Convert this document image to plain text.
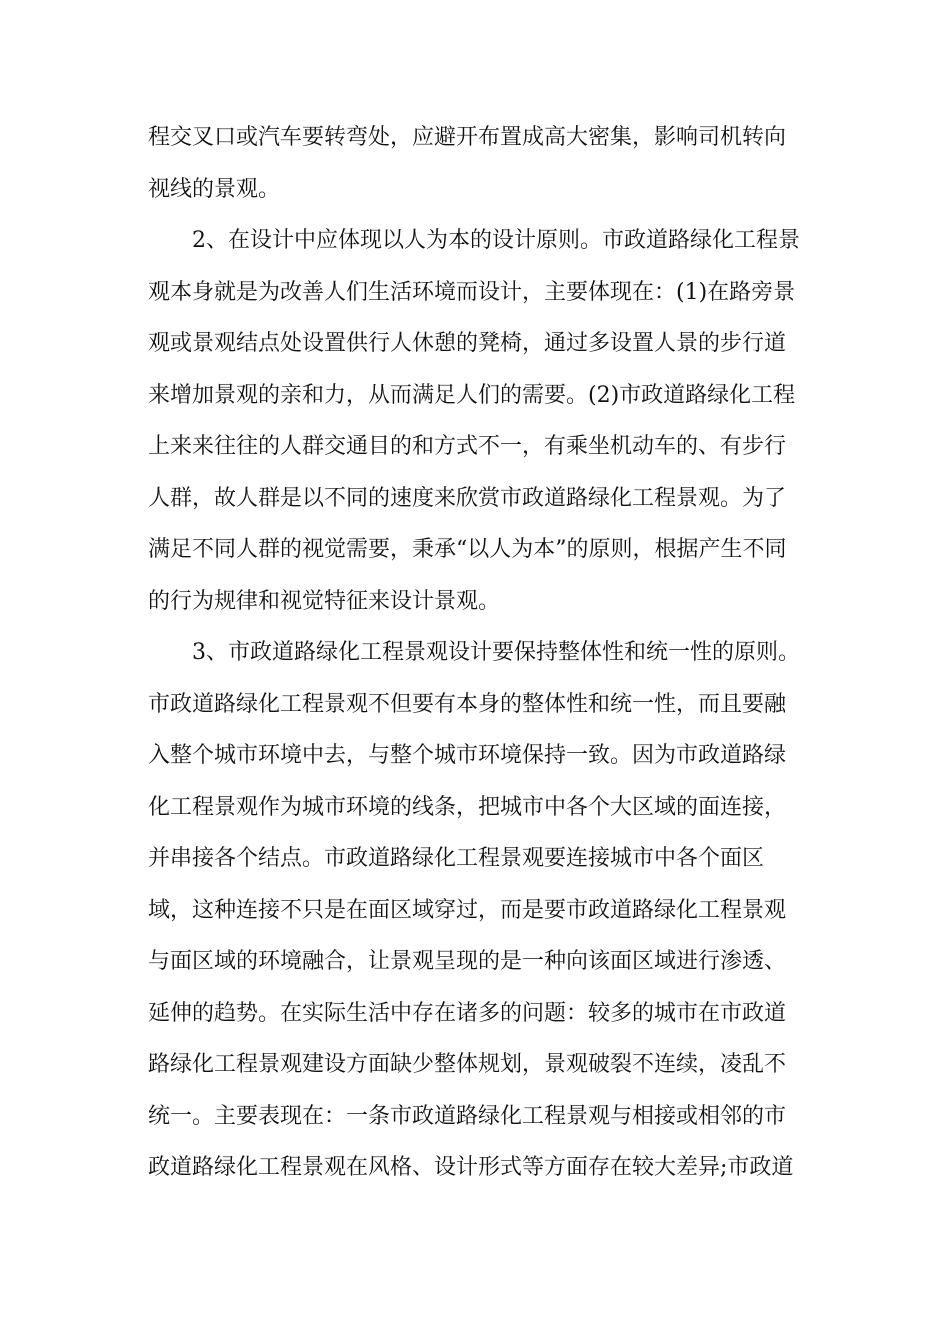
程交叉口或汽车要转弯处，应避开布置成高大密集，影响司机转向
视线的景观。
2、在设计中应体现以人为本的设计原则。市政道路绿化工程景
观本身就是为改善人们生活环境而设计，主要体现在：(1)在路旁景
观或景观结点处设置供行人休憩的凳椅，通过多设置人景的步行道
来增加景观的亲和力，从而满足人们的需要。(2)市政道路绿化工程
上来来往往的人群交通目的和方式不一，有乘坐机动车的、有步行
人群，故人群是以不同的速度来欣赏市政道路绿化工程景观。为了
满足不同人群的视觉需要，秉承“以人为本”的原则，根据产生不同
的行为规律和视觉特征来设计景观。
3、市政道路绿化工程景观设计要保持整体性和统一性的原则。
市政道路绿化工程景观不但要有本身的整体性和统一性，而且要融
入整个城市环境中去，与整个城市环境保持一致。因为市政道路绿
化工程景观作为城市环境的线条，把城市中各个大区域的面连接，
并串接各个结点。市政道路绿化工程景观要连接城市中各个面区
域，这种连接不只是在面区域穿过，而是要市政道路绿化工程景观
与面区域的环境融合，让景观呈现的是一种向该面区域进行渗透、
延伸的趋势。在实际生活中存在诸多的问题：较多的城市在市政道
路绿化工程景观建设方面缺少整体规划，景观破裂不连续，凌乱不
统一。主要表现在：一条市政道路绿化工程景观与相接或相邻的市
政道路绿化工程景观在风格、设计形式等方面存在较大差异;市政道
